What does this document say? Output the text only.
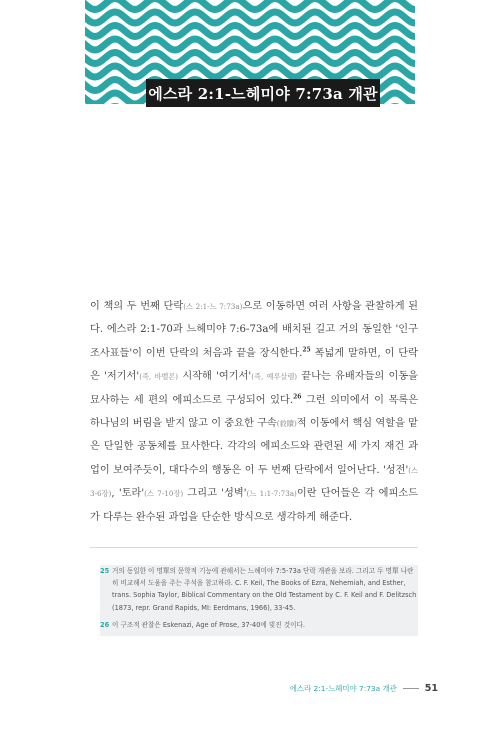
에스라 2:1-느헤미야 7:73a 개관

이 책의 두 번째 단락(스 2:1-느 7:73a)으로 이동하면 여러 사항을 관찰하게 된다. 에스라 2:1-70과 느헤미야 7:6-73a에 배치된 길고 거의 동일한 '인구 조사표들'이 이번 단락의 처음과 끝을 장식한다.$^{25}$ 폭넓게 말하면, 이 단락은 '저기서'(즉, 바벨론) 시작해 '여기서'(즉, 예루살렘) 끝나는 유배자들의 이동을 묘사하는 세 편의 에피소드로 구성되어 있다.$^{26}$ 그런 의미에서 이 목록은 하나님의 버림을 받지 않고 이 중요한 구속(救贖)적 이동에서 핵심 역할을 맡은 단일한 공동체를 묘사한다. 각각의 에피소드와 관련된 세 가지 재건 과업이 보여주듯이, 대다수의 행동은 이 두 번째 단락에서 일어난다. '성전'(스 3-6장), '토라'(스 7-10장) 그리고 '성벽'(느 1:1-7:73a)이란 단어들은 각 에피소드가 다루는 완수된 과업을 단순한 방식으로 생각하게 해준다.

25 거의 동일한 이 명單의 문학적 기능에 관해서는 느헤미야 7:5-73a 단락 개관을 보라. 그리고 두 명單 나란히 비교해서 도움을 주는 주석을 참고하라. C. F. Keil, The Books of Ezra, Nehemiah, and Esther, trans. Sophia Taylor, Biblical Commentary on the Old Testament by C. F. Keil and F. Delitzsch (1873, repr. Grand Rapids, MI: Eerdmans, 1966), 33-45.
26 이 구조적 관찰은 Eskenazi, Age of Prose, 37-40에 빚진 것이다.
에스라 2:1-느헤미야 7:73a 개관	51
